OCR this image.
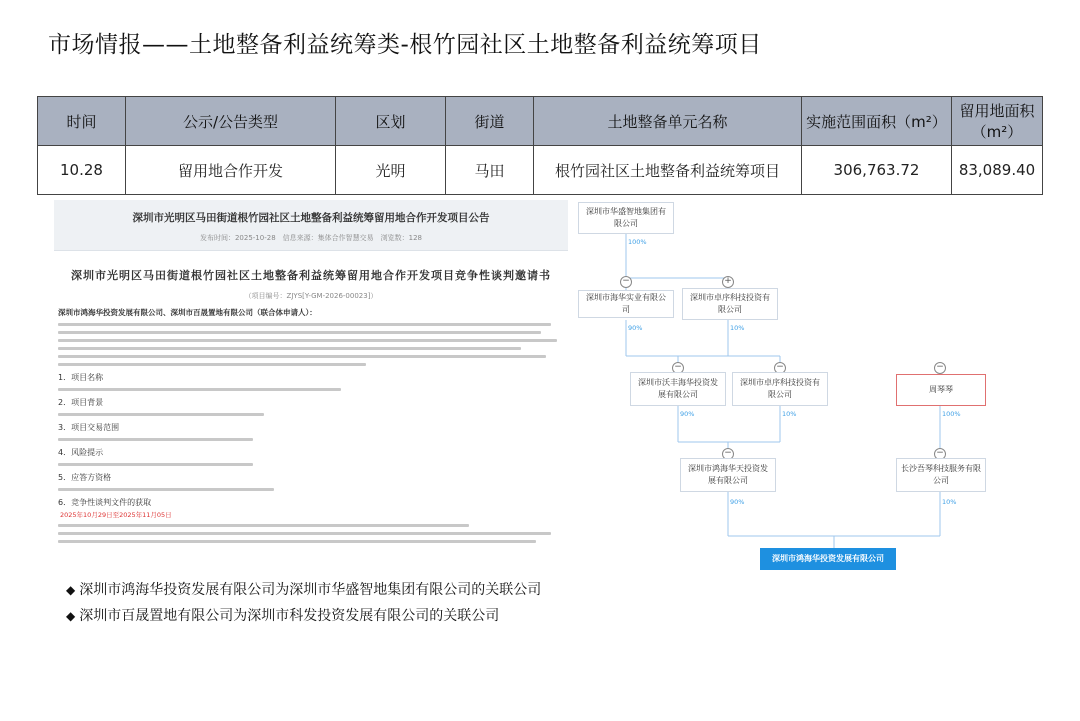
市场情报——土地整备利益统筹类-根竹园社区土地整备利益统筹项目
时间	公示/公告类型	区划	街道	土地整备单元名称	实施范围面积（m²）	留用地面积（m²）
10.28	留用地合作开发	光明	马田	根竹园社区土地整备利益统筹项目	306,763.72	83,089.40
深圳市光明区马田街道根竹园社区土地整备利益统筹留用地合作开发项目公告
发布时间：2025-10-28　信息来源：集体合作智慧交易　浏览数：128
深圳市光明区马田街道根竹园社区土地整备利益统筹留用地合作开发项目竞争性谈判邀请书
（项目编号：ZJYS[Y-GM-2026-00023]）
深圳市鸿海华投资发展有限公司、深圳市百晟置地有限公司（联合体申请人）：
1．项目名称
2．项目背景
3．项目交易范围
4．风险提示
5．应答方资格
6．竞争性谈判文件的获取
2025年10月29日至2025年11月05日
深圳市华盛智地集团有限公司
100%
−	+
深圳市海华实业有限公司
深圳市卓序科技投资有限公司
90%	10%
−	−	−
深圳市沃丰海华投资发展有限公司
深圳市卓序科技投资有限公司
周琴琴
90%	10%	100%
−	−
深圳市鸿海华天投资发展有限公司
长沙吾琴科技服务有限公司
90%	10%
深圳市鸿海华投资发展有限公司
◆ 深圳市鸿海华投资发展有限公司为深圳市华盛智地集团有限公司的关联公司
◆ 深圳市百晟置地有限公司为深圳市科发投资发展有限公司的关联公司
